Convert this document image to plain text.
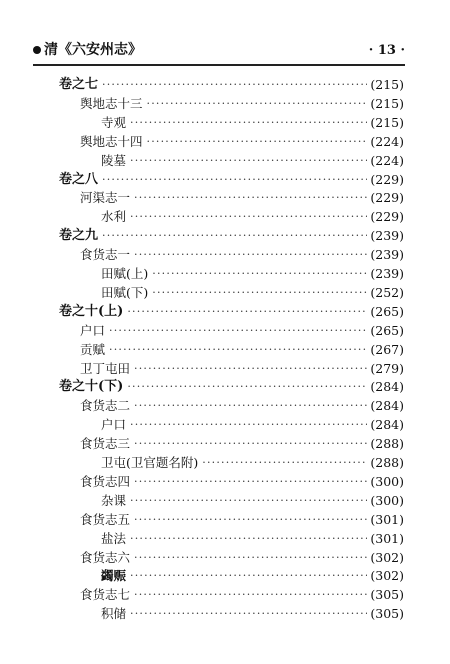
清《六安州志》	· 13 ·
卷之七 ·····	(215)
舆地志十三 ·····	(215)
寺观 ·····	(215)
舆地志十四 ·····	(224)
陵墓 ·····	(224)
卷之八 ·····	(229)
河渠志一 ·····	(229)
水利 ·····	(229)
卷之九 ·····	(239)
食货志一 ·····	(239)
田赋(上) ·····	(239)
田赋(下) ·····	(252)
卷之十(上) ·····	(265)
户口 ·····	(265)
贡赋 ·····	(267)
卫丁屯田 ·····	(279)
卷之十(下) ·····	(284)
食货志二 ·····	(284)
户口 ·····	(284)
食货志三 ·····	(288)
卫屯(卫官题名附) ·····	(288)
食货志四 ·····	(300)
杂课 ·····	(300)
食货志五 ·····	(301)
盐法 ·····	(301)
食货志六 ·····	(302)
蠲赈 ·····	(302)
食货志七 ·····	(305)
积储 ·····	(305)
